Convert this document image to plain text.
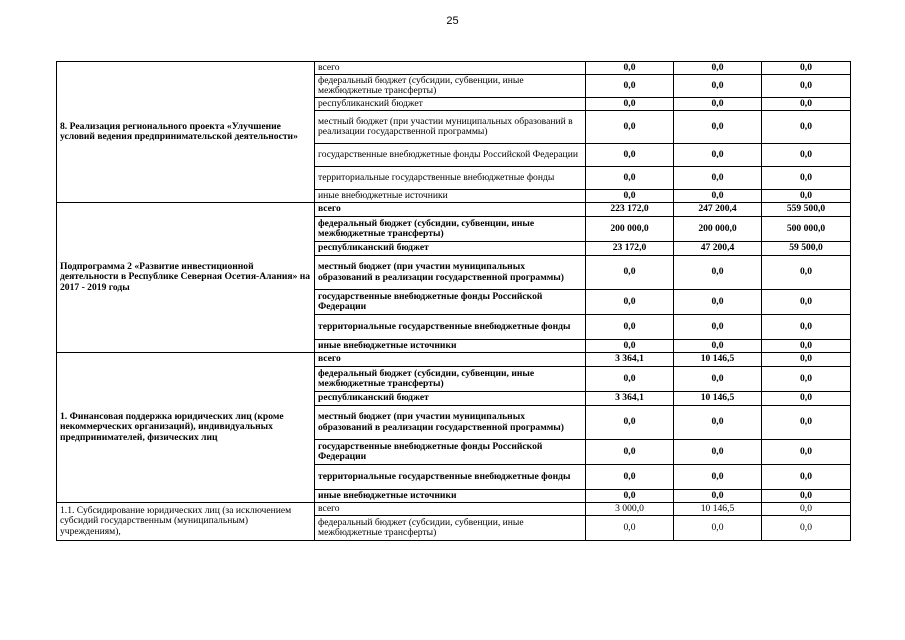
25
8. Реализация регионального проекта «Улучшение условий ведения предпринимательской деятельности»	всего	0,0	0,0	0,0
	федеральный бюджет (субсидии, субвенции, иные межбюджетные трансферты)	0,0	0,0	0,0
	республиканский бюджет	0,0	0,0	0,0
	местный бюджет (при участии муниципальных образований в реализации государственной программы)	0,0	0,0	0,0
	государственные внебюджетные фонды Российской Федерации	0,0	0,0	0,0
	территориальные государственные внебюджетные фонды	0,0	0,0	0,0
	иные внебюджетные источники	0,0	0,0	0,0
Подпрограмма 2 «Развитие инвестиционной деятельности в Республике Северная Осетия-Алания» на 2017 - 2019 годы	всего	223 172,0	247 200,4	559 500,0
	федеральный бюджет (субсидии, субвенции, иные межбюджетные трансферты)	200 000,0	200 000,0	500 000,0
	республиканский бюджет	23 172,0	47 200,4	59 500,0
	местный бюджет (при участии муниципальных образований в реализации государственной программы)	0,0	0,0	0,0
	государственные внебюджетные фонды Российской Федерации	0,0	0,0	0,0
	территориальные государственные внебюджетные фонды	0,0	0,0	0,0
	иные внебюджетные источники	0,0	0,0	0,0
1. Финансовая поддержка юридических лиц (кроме некоммерческих организаций), индивидуальных предпринимателей, физических лиц	всего	3 364,1	10 146,5	0,0
	федеральный бюджет (субсидии, субвенции, иные межбюджетные трансферты)	0,0	0,0	0,0
	республиканский бюджет	3 364,1	10 146,5	0,0
	местный бюджет (при участии муниципальных образований в реализации государственной программы)	0,0	0,0	0,0
	государственные внебюджетные фонды Российской Федерации	0,0	0,0	0,0
	территориальные государственные внебюджетные фонды	0,0	0,0	0,0
	иные внебюджетные источники	0,0	0,0	0,0
1.1. Субсидирование юридических лиц (за исключением субсидий государственным (муниципальным) учреждениям),	всего	3 000,0	10 146,5	0,0
	федеральный бюджет (субсидии, субвенции, иные межбюджетные трансферты)	0,0	0,0	0,0
